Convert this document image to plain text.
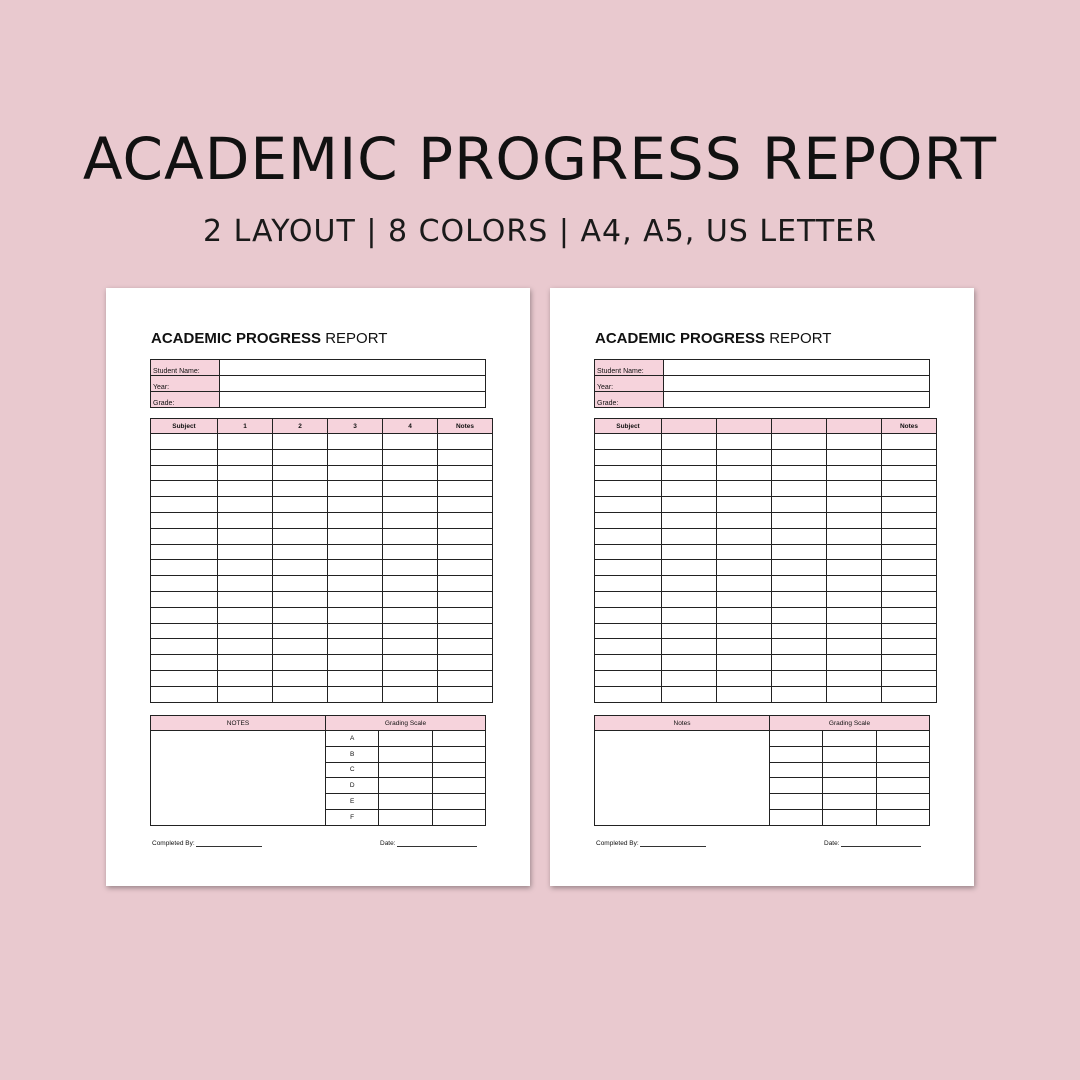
ACADEMIC PROGRESS REPORT
2 LAYOUT | 8 COLORS | A4, A5, US LETTER
ACADEMIC PROGRESS REPORT
Student Name:	
Year:	
Grade:	
Subject	1	2	3	4	Notes

NOTES	Grading Scale		
	A		
	B		
	C		
	D		
	E		
	F		
Completed By:	Date:
ACADEMIC PROGRESS REPORT
Student Name:	
Year:	
Grade:	
Subject					Notes

Notes	Grading Scale		

Completed By:	Date:
